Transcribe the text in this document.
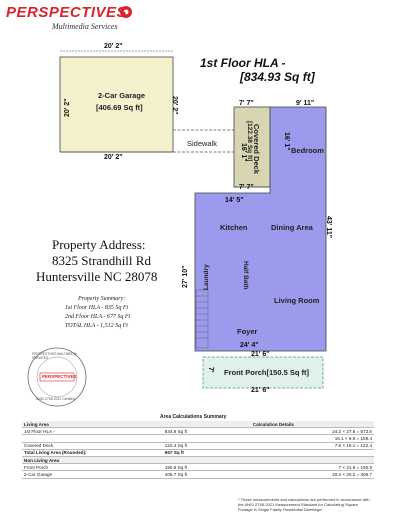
PERSPECTIVES
Multimedia Services
1st Floor HLA -
[834.93 Sq ft]
20' 2"
20' 2"
20' 2"	20' 2"
2-Car Garage
[406.69 Sq ft]
Sidewalk
7' 7"
7' 7"
Covered Deck
[122.38 Sq ft]
16' 1"
9' 11"
16' 1" Bedroom
14' 5"
43' 11"
Kitchen	Dining Area
27' 10" Laundry	Half Bath
Living Room
Foyer
24' 4"
21' 6"
Front Porch[150.5 Sq ft]
7'
21' 6"
Property Address:
8325 Strandhill Rd
Huntersville NC 28078
Property Summary:
1st Floor HLA - 835 Sq Ft
2nd Floor HLA - 677 Sq Ft
TOTAL HLA - 1,512 Sq Ft
PERSPECTIVES
PERSPECTIVES MULTIMEDIA SERVICES
ANSI Z765-2021 Certified
Area Calculations Summary
Living Area		Calculation Details
1st Floor HLA -	834.9 Sq ft	24.2 × 27.8 = 673.5
		16.1 × 9.9 = 159.4
Covered Deck	122.4 Sq ft	7.6 × 16.1 = 122.4
Total Living Area (Rounded):	957 Sq ft	
Non Living Area		
Front Porch	150.5 Sq ft	7 × 21.5 = 150.5
2-Car Garage	406.7 Sq ft	20.2 × 20.2 = 406.7
* These measurements and calculations are performed in accordance with the ANSI Z765-2021 Measurement Standard for Calculating Square Footage in Single Family Residential Dwellings*
